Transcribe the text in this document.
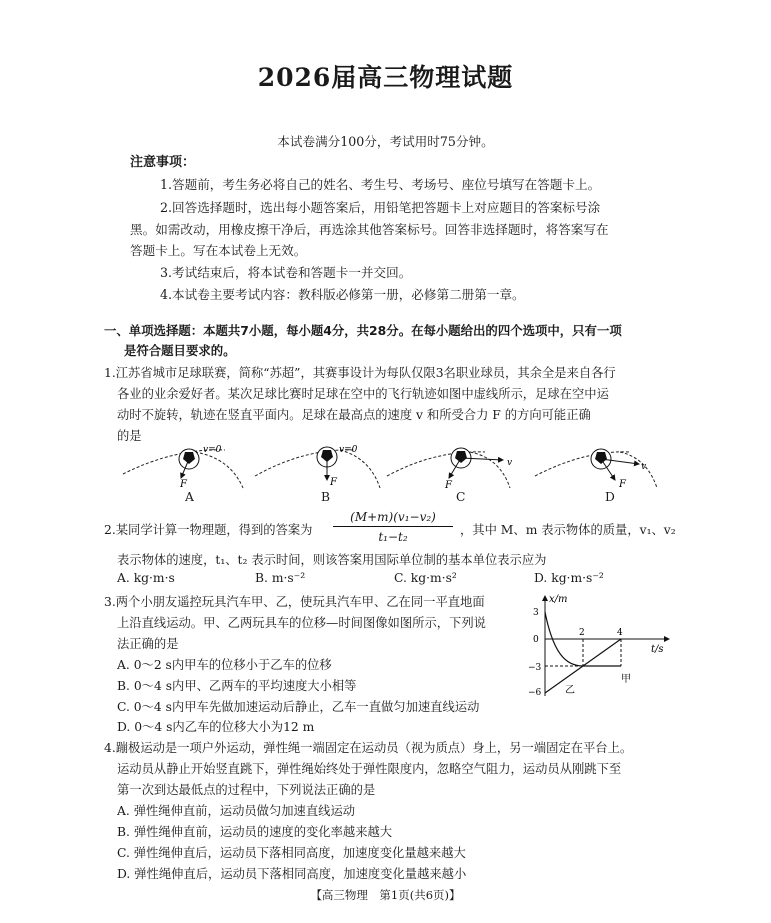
2026届高三物理试题
本试卷满分100分，考试用时75分钟。
注意事项：
1.答题前，考生务必将自己的姓名、考生号、考场号、座位号填写在答题卡上。
2.回答选择题时，选出每小题答案后，用铅笔把答题卡上对应题目的答案标号涂
黑。如需改动，用橡皮擦干净后，再选涂其他答案标号。回答非选择题时，将答案写在
答题卡上。写在本试卷上无效。
3.考试结束后，将本试卷和答题卡一并交回。
4.本试卷主要考试内容：教科版必修第一册，必修第二册第一章。
一、单项选择题：本题共7小题，每小题4分，共28分。在每小题给出的四个选项中，只有一项
是符合题目要求的。
1.江苏省城市足球联赛，简称“苏超”，其赛事设计为每队仅限3名职业球员，其余全是来自各行
各业的业余爱好者。某次足球比赛时足球在空中的飞行轨迹如图中虚线所示，足球在空中运
动时不旋转，轨迹在竖直平面内。足球在最高点的速度 v 和所受合力 F 的方向可能正确
的是
v=0
F
v=0
F
v
F
v
F
A	B	C	D
2.某同学计算一物理题，得到的答案为
(M+m)(v₁−v₂)
t₁−t₂	，其中 M、m 表示物体的质量，v₁、v₂
表示物体的速度，t₁、t₂ 表示时间，则该答案用国际单位制的基本单位表示应为
A. kg·m·s	B. m·s⁻²	C. kg·m·s²	D. kg·m·s⁻²
3.两个小朋友遥控玩具汽车甲、乙，使玩具汽车甲、乙在同一平直地面
上沿直线运动。甲、乙两玩具车的位移—时间图像如图所示，下列说
法正确的是
A. 0～2 s内甲车的位移小于乙车的位移
B. 0～4 s内甲、乙两车的平均速度大小相等
C. 0～4 s内甲车先做加速运动后静止，乙车一直做匀加速直线运动
D. 0～4 s内乙车的位移大小为12 m
x/m
t/s
3
0
−3
−6
2	4
甲
乙
4.蹦极运动是一项户外运动，弹性绳一端固定在运动员（视为质点）身上，另一端固定在平台上。
运动员从静止开始竖直跳下，弹性绳始终处于弹性限度内，忽略空气阻力，运动员从刚跳下至
第一次到达最低点的过程中，下列说法正确的是
A. 弹性绳伸直前，运动员做匀加速直线运动
B. 弹性绳伸直前，运动员的速度的变化率越来越大
C. 弹性绳伸直后，运动员下落相同高度，加速度变化量越来越大
D. 弹性绳伸直后，运动员下落相同高度，加速度变化量越来越小
【高三物理　第1页(共6页)】
